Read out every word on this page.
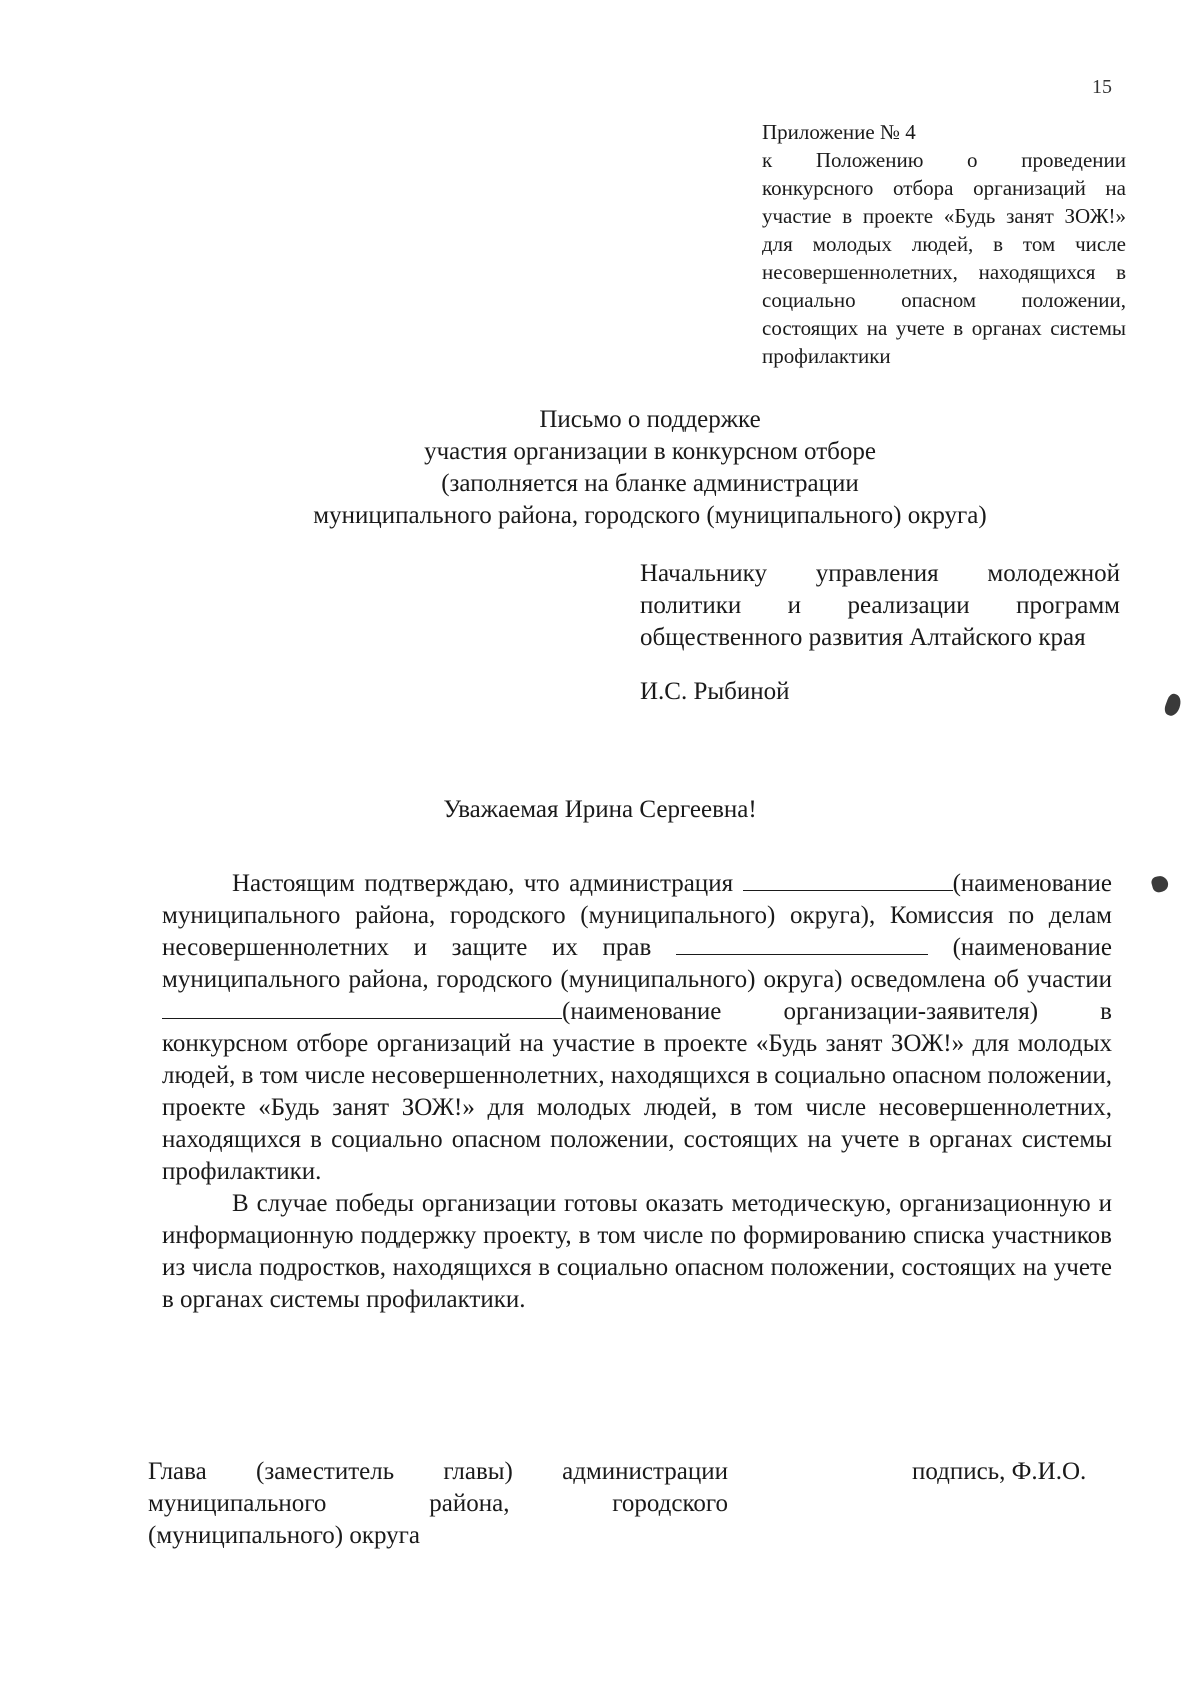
15
Приложение № 4
к Положению о проведении конкурсного отбора организаций на участие в проекте «Будь занят ЗОЖ!» для молодых людей, в том числе несовершеннолетних, находящихся в социально опасном положении, состоящих на учете в органах системы профилактики
Письмо о поддержке
участия организации в конкурсном отборе
(заполняется на бланке администрации
муниципального района, городского (муниципального) округа)
Начальнику управления молодежной политики и реализации программ общественного развития Алтайского края
И.С. Рыбиной
Уважаемая Ирина Сергеевна!

Настоящим подтверждаю, что администрация	(наименование муниципального района, городского (муниципального) округа), Комиссия по делам несовершеннолетних и защите их прав	(наименование муниципального района, городского (муниципального) округа) осведомлена об участии (наименование организации-заявителя) в конкурсном отборе организаций на участие в проекте «Будь занят ЗОЖ!» для молодых людей, в том числе несовершеннолетних, находящихся в социально опасном положении, проекте «Будь занят ЗОЖ!» для молодых людей, в том числе несовершеннолетних, находящихся в социально опасном положении, состоящих на учете в органах системы профилактики.

В случае победы организации готовы оказать методическую, организационную и информационную поддержку проекту, в том числе по формированию списка участников из числа подростков, находящихся в социально опасном положении, состоящих на учете в органах системы профилактики.

Глава (заместитель главы) администрации муниципального района, городского (муниципального) округа
подпись, Ф.И.О.
